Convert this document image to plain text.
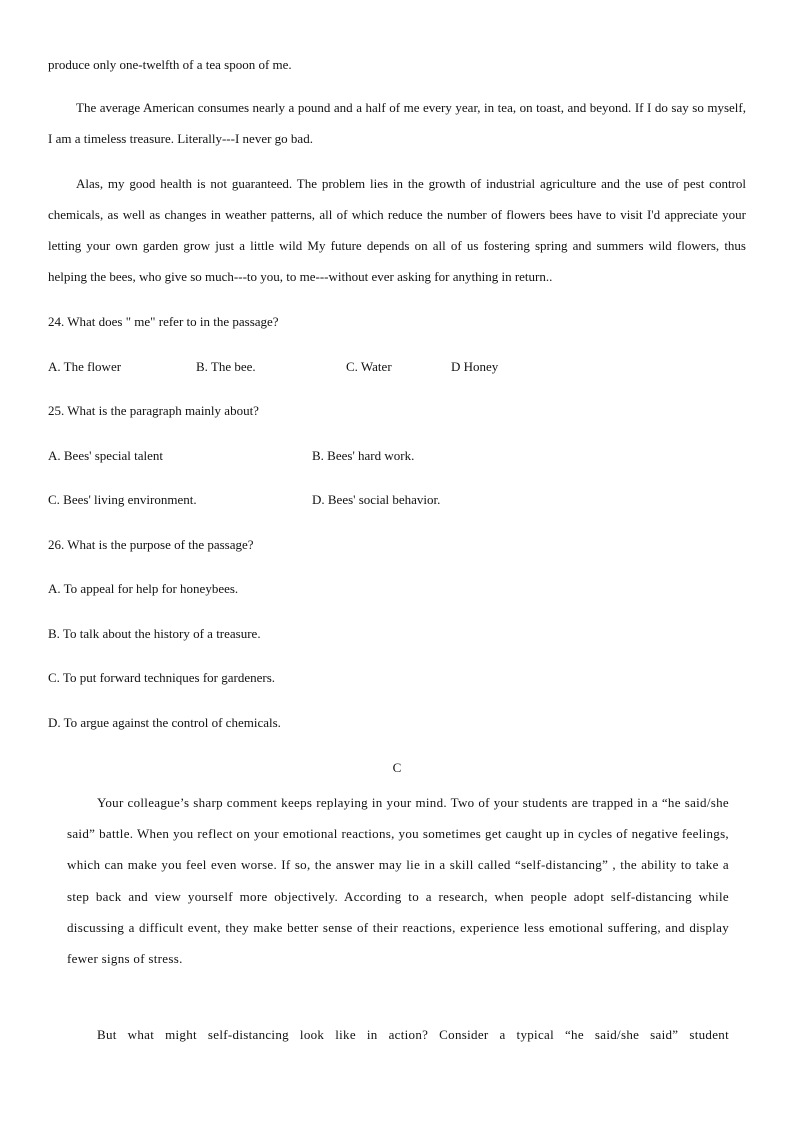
produce only one-twelfth of a tea spoon of me.
The average American consumes nearly a pound and a half of me every year, in tea, on toast, and beyond. If I do say so myself, I am a timeless treasure. Literally---I never go bad.
Alas, my good health is not guaranteed. The problem lies in the growth of industrial agriculture and the use of pest control chemicals, as well as changes in weather patterns, all of which reduce the number of flowers bees have to visit I'd appreciate your letting your own garden grow just a little wild My future depends on all of us fostering spring and summers wild flowers, thus helping the bees, who give so much---to you, to me---without ever asking for anything in return..
24. What does " me" refer to in the passage?
A. The flower	B. The bee.	C. Water	D Honey
25. What is the paragraph mainly about?
A. Bees' special talent	B. Bees' hard work.
C. Bees' living environment.	D. Bees' social behavior.
26. What is the purpose of the passage?
A. To appeal for help for honeybees.
B. To talk about the history of a treasure.
C. To put forward techniques for gardeners.
D. To argue against the control of chemicals.
C
Your colleague’s sharp comment keeps replaying in your mind. Two of your students are trapped in a “he said/she said” battle. When you reflect on your emotional reactions, you sometimes get caught up in cycles of negative feelings, which can make you feel even worse. If so, the answer may lie in a skill called “self-distancing” , the ability to take a step back and view yourself more objectively. According to a research, when people adopt self-distancing while discussing a difficult event, they make better sense of their reactions, experience less emotional suffering, and display fewer signs of stress.
But what might self-distancing look like in action? Consider a typical “he said/she said” student
